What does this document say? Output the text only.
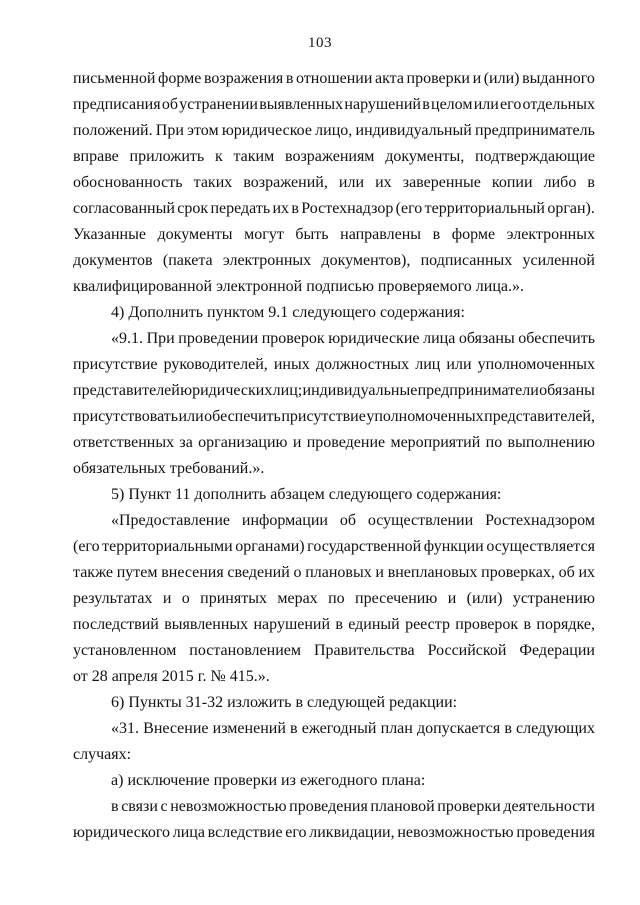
103
письменной форме возражения в отношении акта проверки и (или) выданного
предписания об устранении выявленных нарушений в целом или его отдельных
положений. При этом юридическое лицо, индивидуальный предприниматель
вправе приложить к таким возражениям документы, подтверждающие
обоснованность таких возражений, или их заверенные копии либо в
согласованный срок передать их в Ростехнадзор (его территориальный орган).
Указанные документы могут быть направлены в форме электронных
документов (пакета электронных документов), подписанных усиленной
квалифицированной электронной подписью проверяемого лица.».
4) Дополнить пунктом 9.1 следующего содержания:
«9.1. При проведении проверок юридические лица обязаны обеспечить
присутствие руководителей, иных должностных лиц или уполномоченных
представителей юридических лиц; индивидуальные предприниматели обязаны
присутствовать или обеспечить присутствие уполномоченных представителей,
ответственных за организацию и проведение мероприятий по выполнению
обязательных требований.».
5) Пункт 11 дополнить абзацем следующего содержания:
«Предоставление информации об осуществлении Ростехнадзором
(его территориальными органами) государственной функции осуществляется
также путем внесения сведений о плановых и внеплановых проверках, об их
результатах и о принятых мерах по пресечению и (или) устранению
последствий выявленных нарушений в единый реестр проверок в порядке,
установленном постановлением Правительства Российской Федерации
от 28 апреля 2015 г. № 415.».
6) Пункты 31-32 изложить в следующей редакции:
«31. Внесение изменений в ежегодный план допускается в следующих
случаях:
а) исключение проверки из ежегодного плана:
в связи с невозможностью проведения плановой проверки деятельности
юридического лица вследствие его ликвидации, невозможностью проведения
